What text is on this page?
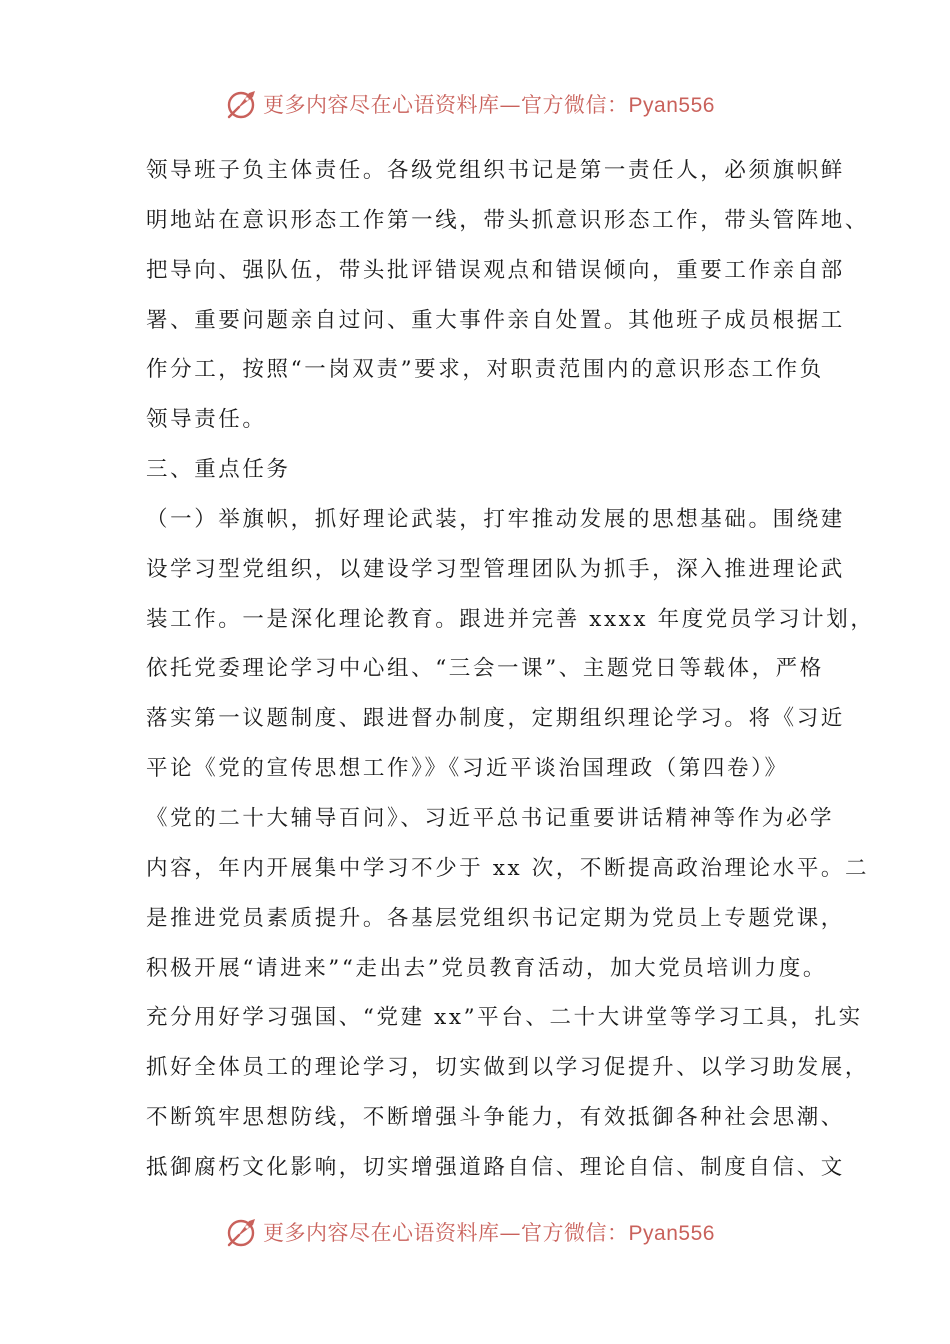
更多内容尽在心语资料库—官方微信：Pyan556
领导班子负主体责任。各级党组织书记是第一责任人，必须旗帜鲜
明地站在意识形态工作第一线，带头抓意识形态工作，带头管阵地、
把导向、强队伍，带头批评错误观点和错误倾向，重要工作亲自部
署、重要问题亲自过问、重大事件亲自处置。其他班子成员根据工
作分工，按照“一岗双责”要求，对职责范围内的意识形态工作负
领导责任。
三、重点任务
（一）举旗帜，抓好理论武装，打牢推动发展的思想基础。围绕建
设学习型党组织，以建设学习型管理团队为抓手，深入推进理论武
装工作。一是深化理论教育。跟进并完善 xxxx 年度党员学习计划，
依托党委理论学习中心组、“三会一课”、主题党日等载体，严格
落实第一议题制度、跟进督办制度，定期组织理论学习。将《习近
平论《党的宣传思想工作》》《习近平谈治国理政（第四卷）》
《党的二十大辅导百问》、习近平总书记重要讲话精神等作为必学
内容，年内开展集中学习不少于 xx 次，不断提高政治理论水平。二
是推进党员素质提升。各基层党组织书记定期为党员上专题党课，
积极开展“请进来”“走出去”党员教育活动，加大党员培训力度。
充分用好学习强国、“党建 xx”平台、二十大讲堂等学习工具，扎实
抓好全体员工的理论学习，切实做到以学习促提升、以学习助发展，
不断筑牢思想防线，不断增强斗争能力，有效抵御各种社会思潮、
抵御腐朽文化影响，切实增强道路自信、理论自信、制度自信、文
更多内容尽在心语资料库—官方微信：Pyan556
